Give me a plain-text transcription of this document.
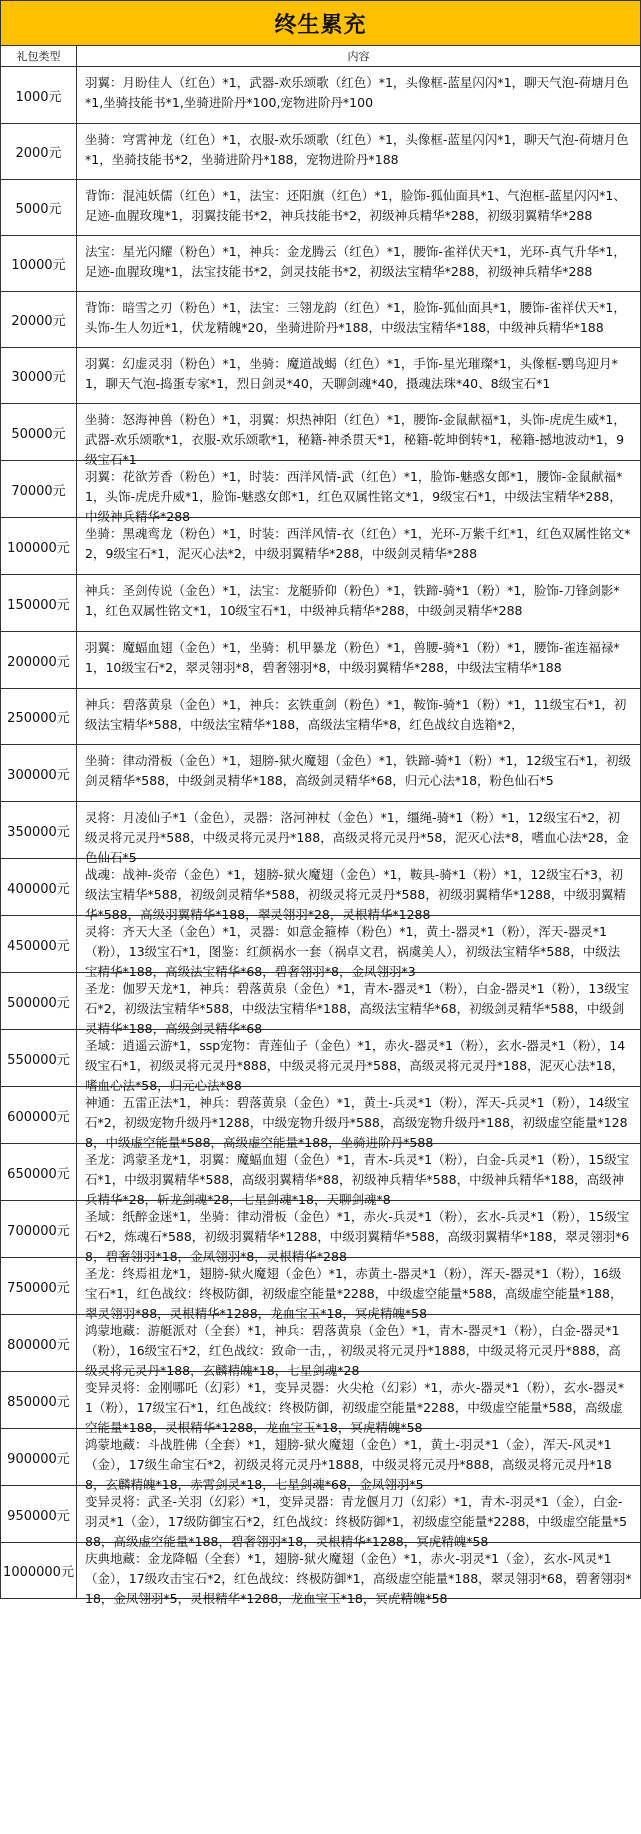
终生累充
礼包类型	内容
1000元
羽翼：月盼佳人（红色）*1，武器-欢乐颂歌（红色）*1，头像框-蓝星闪闪*1，聊天气泡-荷塘月色*1,坐骑技能书*1,坐骑进阶丹*100,宠物进阶丹*100
2000元
坐骑：穹霄神龙（红色）*1，衣服-欢乐颂歌（红色）*1，头像框-蓝星闪闪*1，聊天气泡-荷塘月色*1，坐骑技能书*2，坐骑进阶丹*188，宠物进阶丹*188
5000元
背饰：混沌妖儒（红色）*1，法宝：还阳旗（红色）*1，脸饰-狐仙面具*1、气泡框-蓝星闪闪*1、足迹-血腥玫瑰*1，羽翼技能书*2，神兵技能书*2，初级神兵精华*288，初级羽翼精华*288
10000元
法宝：星光闪耀（粉色）*1，神兵：金龙腾云（红色）*1，腰饰-雀祥伏天*1，光环-真气升华*1，足迹-血腥玫瑰*1，法宝技能书*2，剑灵技能书*2，初级法宝精华*288，初级神兵精华*288
20000元
背饰：暗雪之刃（粉色）*1，法宝：三翎龙韵（红色）*1，脸饰-狐仙面具*1，腰饰-雀祥伏天*1，头饰-生人勿近*1，伏龙精魄*20，坐骑进阶丹*188，中级法宝精华*188，中级神兵精华*188
30000元
羽翼：幻虚灵羽（粉色）*1，坐骑：魔道战蝎（红色）*1，手饰-星光璀璨*1，头像框-鹦鸟迎月*1，聊天气泡-捣蛋专家*1，烈日剑灵*40，天聊剑魂*40，摄魂法珠*40、8级宝石*1
50000元
坐骑：怒海神兽（粉色）*1，羽翼：炽热神阳（红色）*1，腰饰-金鼠献福*1，头饰-虎虎生威*1，武器-欢乐颂歌*1，衣服-欢乐颂歌*1，秘籍-神杀贯天*1，秘籍-乾坤倒转*1，秘籍-撼地波动*1，9级宝石*1
70000元
羽翼：花欲芳香（粉色）*1，时装：西洋风情-武（红色）*1，脸饰-魅惑女郎*1，腰饰-金鼠献福*1，头饰-虎虎升威*1，脸饰-魅惑女郎*1，红色双属性铭文*1，9级宝石*1，中级法宝精华*288，中级神兵精华*288
100000元
坐骑：黑魂鸾龙（粉色）*1，时装：西洋风情-衣（红色）*1，光环-万紫千红*1，红色双属性铭文*2，9级宝石*1，泥灭心法*2，中级羽翼精华*288，中级剑灵精华*288
150000元
神兵：圣剑传说（金色）*1，法宝：龙艇骄仰（粉色）*1，铁蹄-骑*1（粉）*1，脸饰-刀锋剑影*1，红色双属性铭文*1，10级宝石*1，中级神兵精华*288，中级剑灵精华*288
200000元
羽翼：魔蝠血翅（金色）*1，坐骑：机甲暴龙（粉色）*1，兽腰-骑*1（粉）*1，腰饰-雀连福禄*1，10级宝石*2，翠灵翎羽*8，碧奢翎羽*8，中级羽翼精华*288，中级法宝精华*188
250000元
神兵：碧落黄泉（金色）*1，神兵：玄铁重剑（粉色）*1，鞍饰-骑*1（粉）*1，11级宝石*1，初级法宝精华*588，中级法宝精华*188，高级法宝精华*8，红色战纹自选箱*2，
300000元
坐骑：律动滑板（金色）*1，翅膀-狱火魔翅（金色）*1，铁蹄-骑*1（粉）*1，12级宝石*1，初级剑灵精华*588，中级剑灵精华*188，高级剑灵精华*68，归元心法*18，粉色仙石*5
350000元
灵将：月凌仙子*1（金色），灵器：洛河神杖（金色）*1，缰绳-骑*1（粉）*1，12级宝石*2，初级灵将元灵丹*588，中级灵将元灵丹*188，高级灵将元灵丹*58，泥灭心法*8，嗜血心法*28，金色仙石*5
400000元
战魂：战神-炎帝（金色）*1，翅膀-狱火魔翅（金色）*1，鞍具-骑*1（粉）*1，12级宝石*3，初级法宝精华*588，初级剑灵精华*588，初级灵将元灵丹*588，初级羽翼精华*1288，中级羽翼精华*588，高级羽翼精华*188，翠灵翎羽*28，灵根精华*1288
450000元
灵将：齐天大圣（金色）*1，灵器：如意金箍棒（粉色）*1，黄土-器灵*1（粉），浑天-器灵*1（粉），13级宝石*1，图鉴：红颜祸水一套（祸卓文君，祸虞美人），初级法宝精华*588，中级法宝精华*188，高级法宝精华*68，碧奢翎羽*8，金凤翎羽*3
500000元
圣龙：伽罗天龙*1，神兵：碧落黄泉（金色）*1，青木-器灵*1（粉），白金-器灵*1（粉），13级宝石*2，初级法宝精华*588，中级法宝精华*188，高级法宝精华*68，初级剑灵精华*588，中级剑灵精华*188，高级剑灵精华*68
550000元
圣域：逍遥云游*1，ssp宠物：青莲仙子（金色）*1，赤火-器灵*1（粉），玄水-器灵*1（粉），14级宝石*1，初级灵将元灵丹*888，中级灵将元灵丹*588，高级灵将元灵丹*188，泥灭心法*18，嗜血心法*58，归元心法*88
600000元
神通：五雷正法*1，神兵：碧落黄泉（金色）*1，黄土-兵灵*1（粉），浑天-兵灵*1（粉），14级宝石*2，初级宠物升级丹*1288，中级宠物升级丹*588，高级宠物升级丹*188，初级虚空能量*1288，中级虚空能量*588，高级虚空能量*188，坐骑进阶丹*588
650000元
圣龙：鸿蒙圣龙*1，羽翼：魔蝠血翅（金色）*1，青木-兵灵*1（粉），白金-兵灵*1（粉），15级宝石*1，中级羽翼精华*588，高级羽翼精华*88，初级神兵精华*588，中级神兵精华*188，高级神兵精华*28，斩龙剑魂*28，七星剑魂*18，天聊剑魂*8
700000元
圣域：纸醉金迷*1，坐骑：律动滑板（金色）*1，赤火-兵灵*1（粉），玄水-兵灵*1（粉），15级宝石*2，炼魂石*588，初级羽翼精华*1288，中级羽翼精华*588，高级羽翼精华*188，翠灵翎羽*68，碧奢翎羽*18，金凤翎羽*8，灵根精华*288
750000元
圣龙：终焉祖龙*1，翅膀-狱火魔翅（金色）*1，赤黄土-器灵*1（粉），浑天-器灵*1（粉），16级宝石*1，红色战纹：终极防御，初级虚空能量*2288，中级虚空能量*588，高级虚空能量*188，翠灵翎羽*88，灵根精华*1288，龙血宝玉*18，冥虎精魄*58
800000元
鸿蒙地藏：游艇派对（全套）*1，神兵：碧落黄泉（金色）*1，青木-器灵*1（粉），白金-器灵*1（粉），16级宝石*2，红色战纹：致命一击，，初级灵将元灵丹*1888，中级灵将元灵丹*888，高级灵将元灵丹*188，玄麟精魄*18，七星剑魂*28
850000元
变异灵将：金刚哪吒（幻彩）*1，变异灵器：火尖枪（幻彩）*1，赤火-器灵*1（粉），玄水-器灵*1（粉），17级宝石*1，红色战纹：终极防御，初级虚空能量*2288，中级虚空能量*588，高级虚空能量*188，灵根精华*1288，龙血宝玉*18，冥虎精魄*58
900000元
鸿蒙地藏：斗战胜佛（全套）*1，翅膀-狱火魔翅（金色）*1，黄土-羽灵*1（金），浑天-风灵*1（金），17级生命宝石*2，初级灵将元灵丹*1888，中级灵将元灵丹*888，高级灵将元灵丹*188，玄麟精魄*18，赤霄剑灵*18，七星剑魂*68，金凤翎羽*5
950000元
变异灵将：武圣-关羽（幻彩）*1，变异灵器：青龙偃月刀（幻彩）*1，青木-羽灵*1（金），白金-羽灵*1（金），17级防御宝石*2，红色战纹：终极防御*1，初级虚空能量*2288，中级虚空能量*588，高级虚空能量*188，碧奢翎羽*18，灵根精华*1288，冥虎精魄*58
1000000元
庆典地藏：金龙降幅（全套）*1，翅膀-狱火魔翅（金色）*1，赤火-羽灵*1（金），玄水-风灵*1（金），17级攻击宝石*2，红色战纹：终极防御*1，高级虚空能量*188，翠灵翎羽*68，碧奢翎羽*18，金凤翎羽*5，灵根精华*1288，龙血宝玉*18，冥虎精魄*58
